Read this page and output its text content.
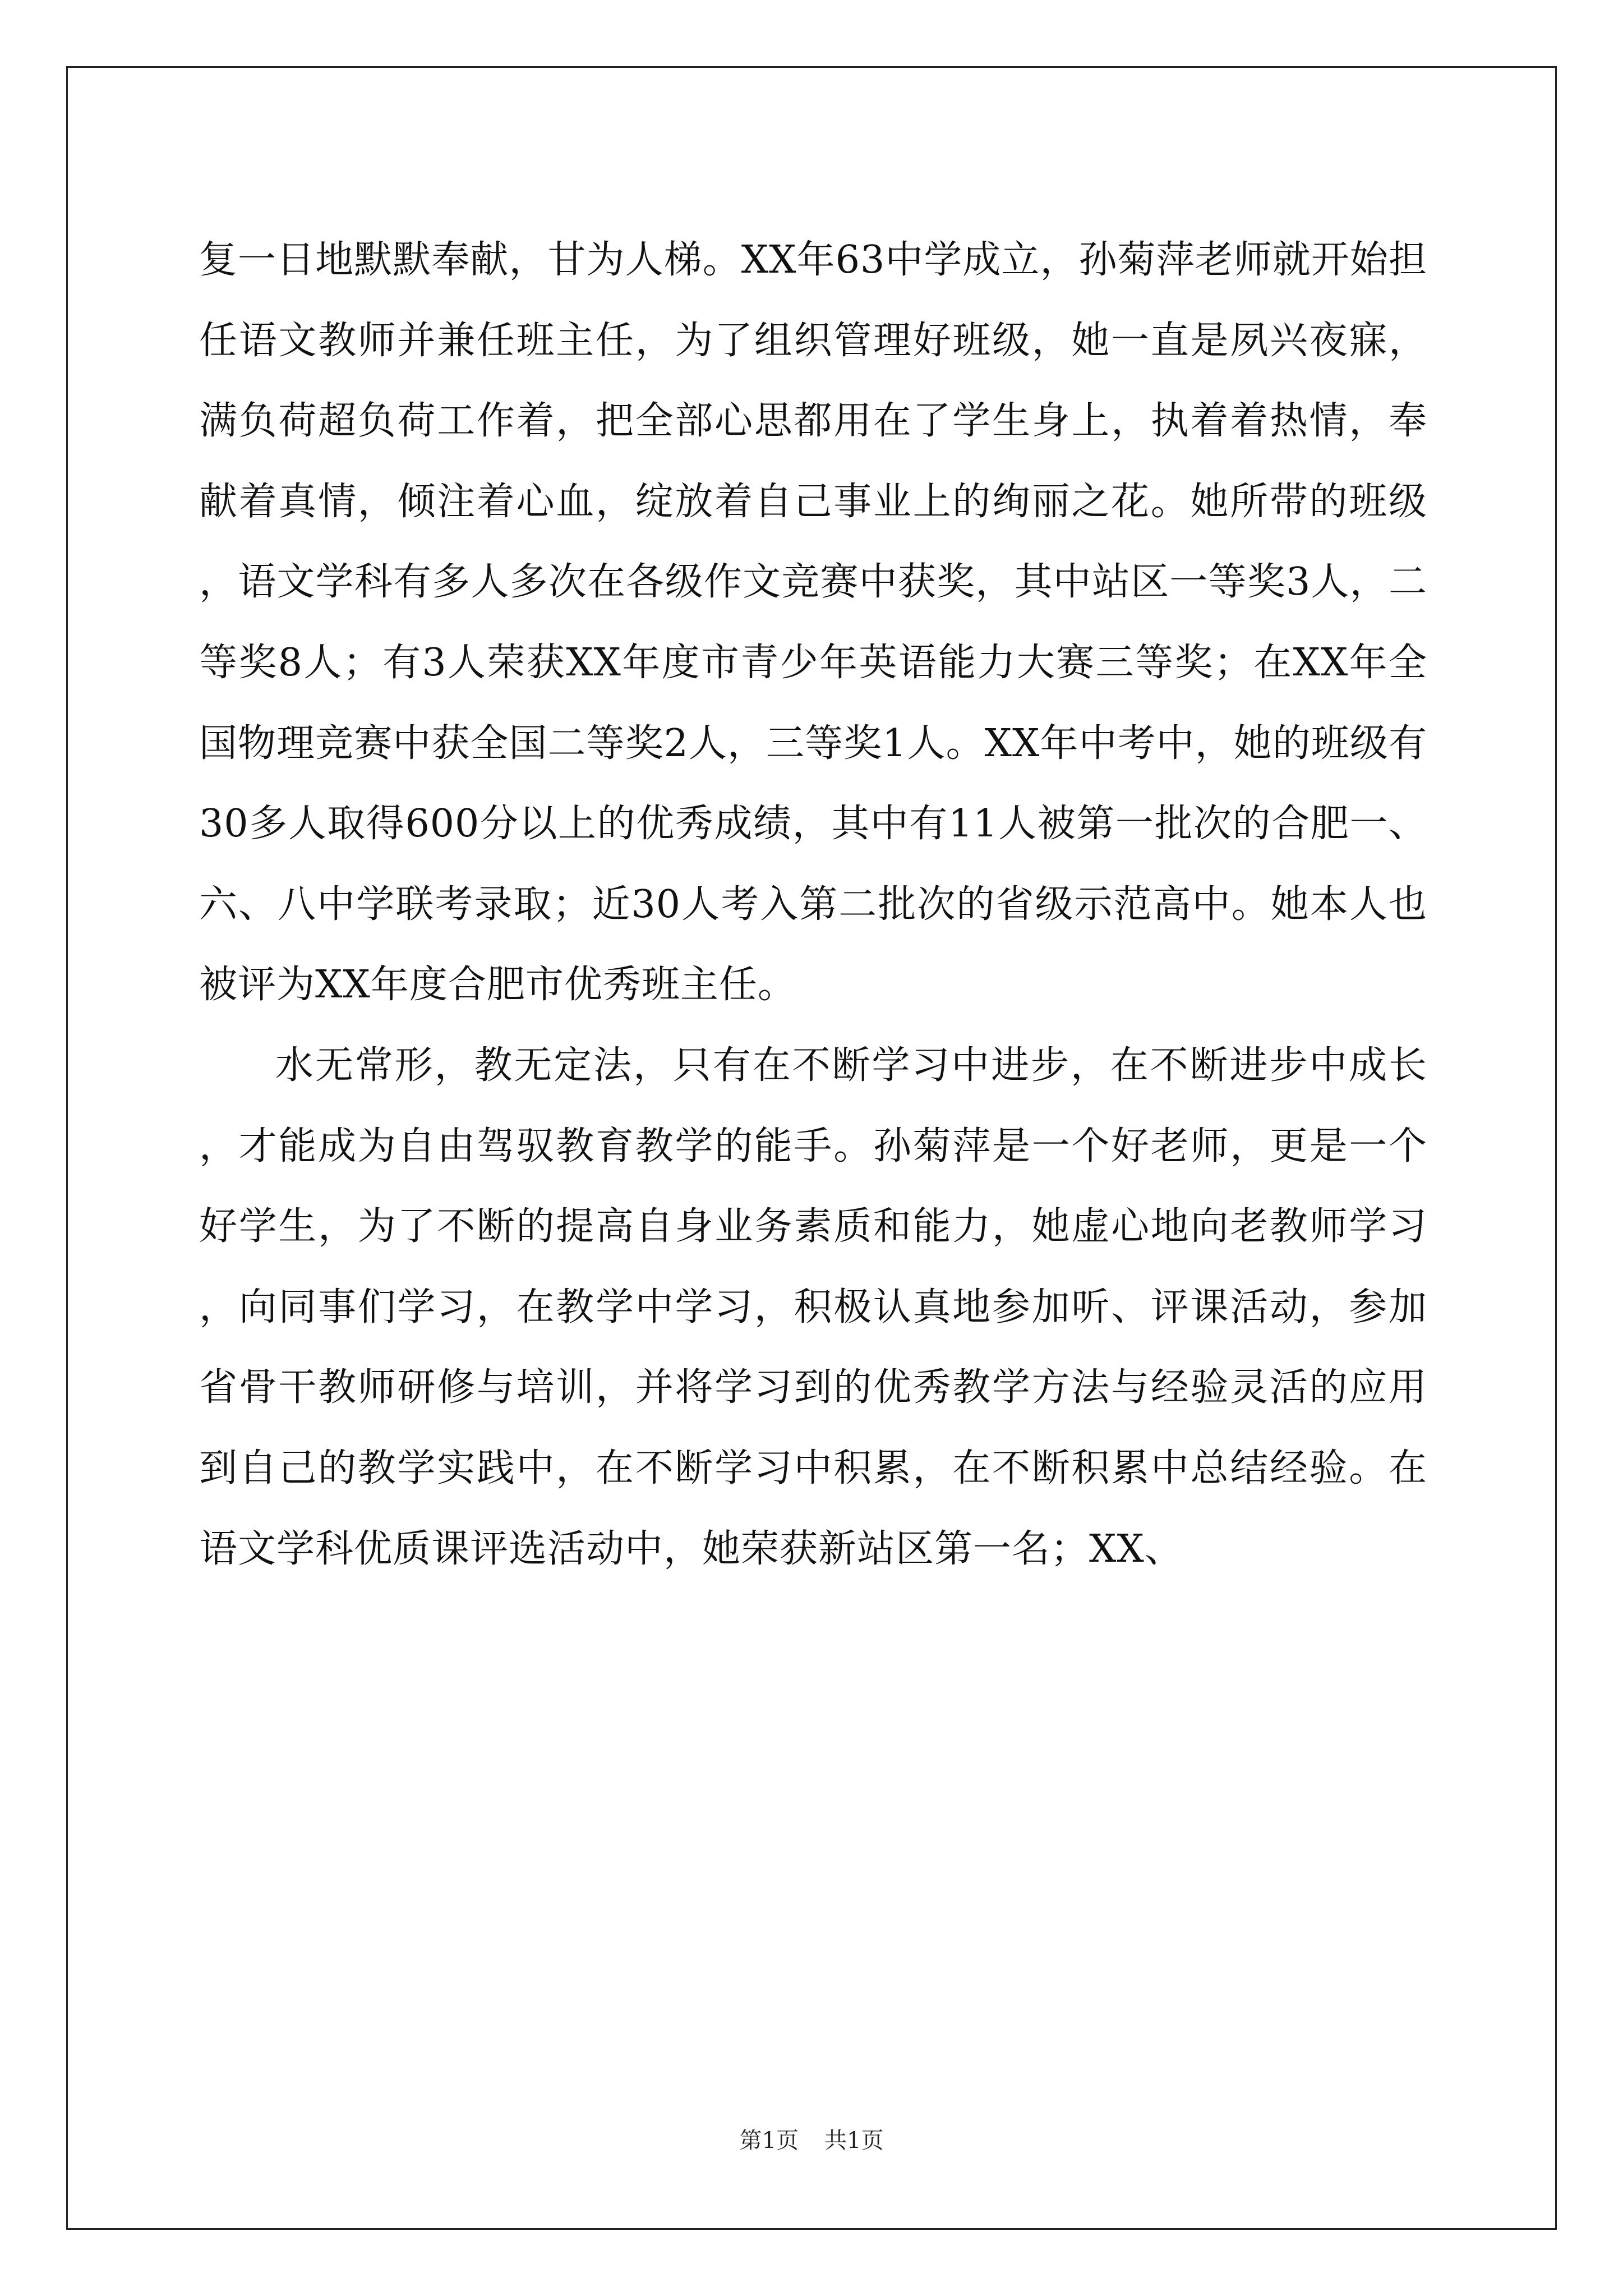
复一日地默默奉献，甘为人梯。XX年63中学成立，孙菊萍老师就开始担任语文教师并兼任班主任，为了组织管理好班级，她一直是夙兴夜寐，满负荷超负荷工作着，把全部心思都用在了学生身上，执着着热情，奉献着真情，倾注着心血，绽放着自己事业上的绚丽之花。她所带的班级，语文学科有多人多次在各级作文竞赛中获奖，其中站区一等奖3人，二等奖8人；有3人荣获XX年度市青少年英语能力大赛三等奖；在XX年全国物理竞赛中获全国二等奖2人，三等奖1人。XX年中考中，她的班级有30多人取得600分以上的优秀成绩，其中有11人被第一批次的合肥一、六、八中学联考录取；近30人考入第二批次的省级示范高中。她本人也被评为XX年度合肥市优秀班主任。

水无常形，教无定法，只有在不断学习中进步，在不断进步中成长，才能成为自由驾驭教育教学的能手。孙菊萍是一个好老师，更是一个好学生，为了不断的提高自身业务素质和能力，她虚心地向老教师学习，向同事们学习，在教学中学习，积极认真地参加听、评课活动，参加省骨干教师研修与培训，并将学习到的优秀教学方法与经验灵活的应用到自己的教学实践中，在不断学习中积累，在不断积累中总结经验。在语文学科优质课评选活动中，她荣获新站区第一名；XX、

第1页 共1页
